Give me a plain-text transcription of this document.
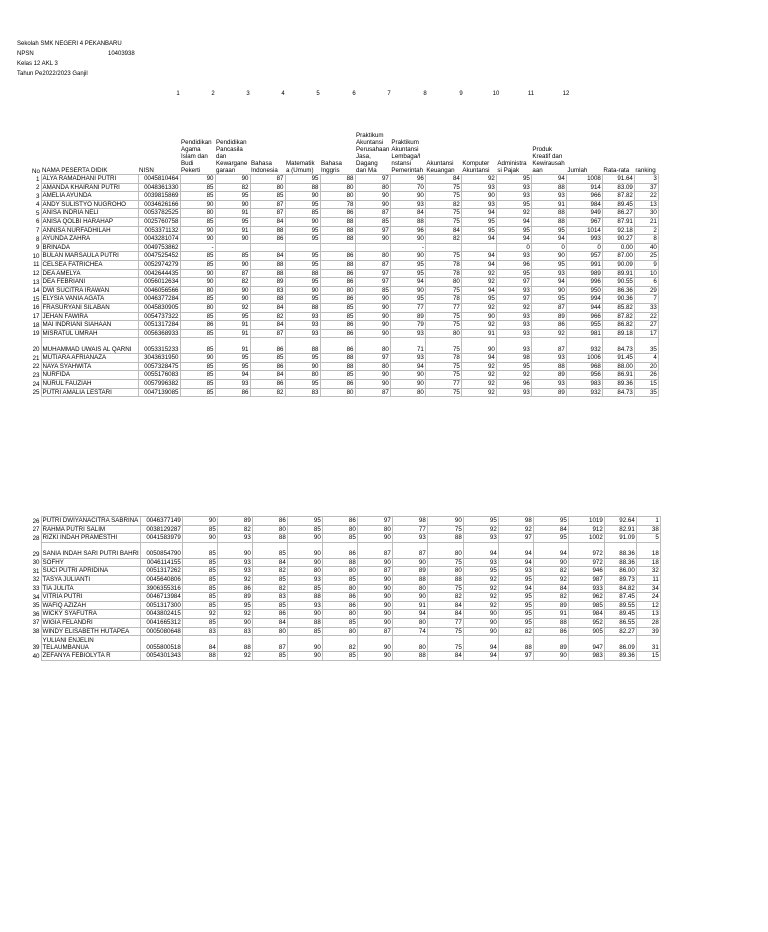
Sekolah SMK NEGERI 4 PEKANBARU
NPSN	10403938
Kelas 12 AKL 3
Tahun Pe2022/2023 Ganjil
1	2	3	4	5	6	7	8	9	10	11	12
No	NAMA PESERTA DIDIK	NISN	Pendidikan Agama Islam dan Budi Pekerti	Pendidikan Pancasila dan Kewargane garaan	Bahasa Indonesia	Matematik a (Umum)	Bahasa Inggris	Praktikum Akuntansi Perusahaan Jasa, Dagang dan Ma	Praktikum Akuntansi Lembaga/I nstansi Pemerintah	Akuntansi Keuangan	Komputer Akuntansi	Administra si Pajak	Produk Kreatif dan Kewirausah aan	Jumlah	Rata-rata	ranking
1	ALYA RAMADHANI PUTRI	0045810464	90	90	87	95	88	97	96	84	92	95	94	1008	91.64	3
2	AMANDA KHAIRANI PUTRI	0048361330	85	82	80	88	80	80	70	75	93	93	88	914	83.09	37
3	AMELIA AYUNDA	0039815869	85	95	85	90	80	90	90	75	90	93	93	966	87.82	22
4	ANDY SULISTYO NUGROHO	0034626166	90	90	87	95	78	90	93	82	93	95	91	984	89.45	13
5	ANISA INDRIA NELI	0053782525	80	91	87	85	86	87	84	75	94	92	88	949	86.27	30
6	ANISA QOLBI HARAHAP	0025760758	85	95	84	90	88	85	88	75	95	94	88	967	87.91	21
7	ANNISA NURFADHILAH	0053371132	90	91	88	95	88	97	96	84	95	95	95	1014	92.18	2
8	AYUNDA ZAHRA	0043281074	90	90	86	95	88	90	90	82	94	94	94	993	90.27	8
9	BRINADA	0049753862	-						-			0	0	0	0.00	40
10	BULAN MARSAULA PUTRI	0047525452	85	85	84	95	86	80	90	75	94	93	90	957	87.00	25
11	CELSEA FATRICHEA	0052974279	85	90	88	95	88	87	95	78	94	96	95	991	90.09	9
12	DEA AMELYA	0042644435	90	87	88	88	86	97	95	78	92	95	93	989	89.91	10
13	DEA FEBRIANI	0056012634	90	82	89	95	86	97	94	80	92	97	94	996	90.55	6
14	DWI SUCITRA IRAWAN	0046056566	80	90	83	90	80	85	90	75	94	93	90	950	86.36	29
15	ELYSIA VANIA AGATA	0046377284	85	90	88	95	86	90	95	78	95	97	95	994	90.36	7
16	FRASURYANI SILABAN	0045830905	80	92	84	88	85	90	77	77	92	92	87	944	85.82	33
17	JEHAN FAWIRA	0054737322	85	95	82	93	85	90	89	75	90	93	89	966	87.82	22
18	MAI INDRIANI SIAHAAN	0051317284	86	91	84	93	86	90	79	75	92	93	86	955	86.82	27
19	MISRATUL UMRAH	0056368933	85	91	87	93	86	90	93	80	91	93	92	981	89.18	17
20	MUHAMMAD UWAIS AL QARNI	0053315233	85	91	86	88	86	80	71	75	90	93	87	932	84.73	35
21	MUTIARA AFRIANAZA	3043631950	90	95	85	95	88	97	93	78	94	98	93	1006	91.45	4
22	NAYA SYAHWITA	0057328475	85	95	86	90	88	80	94	75	92	95	88	968	88.00	20
23	NURFIDA	0055176083	85	94	84	80	85	90	90	75	92	92	89	956	86.91	26
24	NURUL FAUZIAH	0057996382	85	93	86	95	86	90	90	77	92	96	93	983	89.36	15
25	PUTRI AMALIA LESTARI	0047139085	85	86	82	83	80	87	80	75	92	93	89	932	84.73	35
26	PUTRI DWIYANACITRA SABRINA	0046377149	90	89	86	95	86	97	98	90	95	98	95	1019	92.64	1
27	RAHMA PUTRI SALIM	0038129287	85	82	80	85	80	80	77	75	92	92	84	912	82.91	38
28	RIZKI INDAH PRAMESTHI	0041583979	90	93	88	90	85	90	93	88	93	97	95	1002	91.09	5
29	SANIA INDAH SARI PUTRI BAHRI	0050854790	85	90	85	90	86	87	87	80	94	94	94	972	88.36	18
30	SOFHY	0046114155	85	93	84	90	88	90	90	75	93	94	90	972	88.36	18
31	SUCI PUTRI APRIDINA	0051317262	85	93	82	80	80	87	89	80	95	93	82	946	86.00	32
32	TASYA JULIANTI	0045640806	85	92	85	93	85	90	88	88	92	95	92	987	89.73	11
33	TIA JULITA	3906355316	85	86	82	85	80	90	80	75	92	94	84	933	84.82	34
34	VITRIA PUTRI	0046713984	85	89	83	88	86	90	90	82	92	95	82	962	87.45	24
35	WAFIQ AZIZAH	0051317300	85	95	85	93	86	90	91	84	92	95	89	985	89.55	12
36	WICKY SYAFUTRA	0043802415	92	92	86	90	80	90	94	84	90	95	91	984	89.45	13
37	WIGIA FELANDRI	0041665312	85	90	84	88	85	90	80	77	90	95	88	952	86.55	28
38	WINDY ELISABETH HUTAPEA	0005080648	83	83	80	85	80	87	74	75	90	82	86	905	82.27	39
39	YULIANI ENJELIN TELAUMBANUA	0055800518	84	88	87	90	82	90	80	75	94	88	89	947	86.09	31
40	ZEFANYA FEBIOLYTA R	0054301343	88	92	85	90	85	90	88	84	94	97	90	983	89.36	15
